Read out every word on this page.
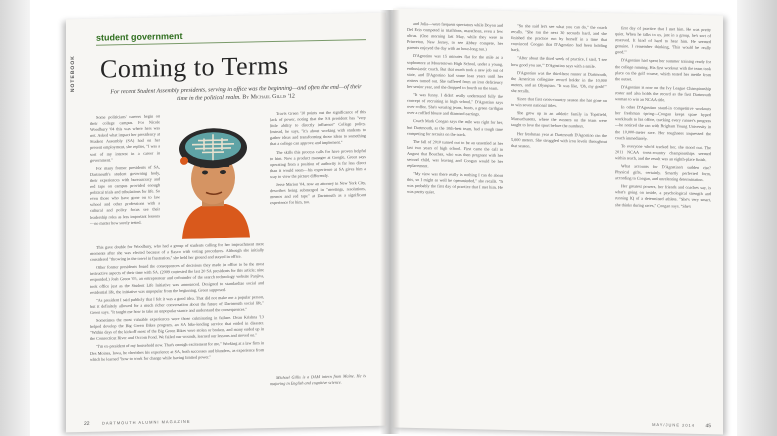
NOTEBOOK
student government
Coming to Terms
For recent Student Assembly presidents, serving in office was the beginning—and often the end—of their time in the political realm. By Michael Gillis '12

Some politicians' careers begin on their college campus. For Nicole Woodbury '04 this was where hers was not. Asked what impact her presidency at Student Assembly (SA) had on her present employment, she replies, "I was a sort of my interest in a career in government."

For many former presidents of SA, Dartmouth's student governing body, their experiences with bureaucracy and red tape on campus provided enough political trials and tribulations for life. So even those who have gone on to law school and other professions with a cultural and policy focus see their leadership roles as less important lessons—no matter how sorely tested.

Travis Green '10 points out the significance of this lack of power, noting that the SA president has "very little ability to directly influence" College policy. Instead, he says, "it's about working with students to gather ideas and transforming those ideas to something that a college can approve and implement."

The skills this process calls for have proven helpful to him. Now a product manager at Google, Green says operating from a position of authority is far less direct than it would seem—his experience at SA gives him a way to view the picture differently.

Jesse Marion '04, now an attorney in New York City, describes being submerged in "meetings, resolutions, memos and red tape" at Dartmouth as a significant experience for him, too.

This gave double for Woodbury, who had a group of students calling for her impeachment mere moments after she was elected because of a fiasco with voting procedures. Although she initially considered "throwing in the towel in frustration," she held her ground and stayed in office.

Other former presidents found the consequences of decisions they made in office to be the most instructive aspects of their time with SA. (2009 contested the last 20 SA presidents for this article; nine responded.) Josh Green '05, an entrepreneur and cofounder of the search technology website Panjiva, took office just as the Student Life Initiative was announced. Designed to standardize social and residential life, the initiative was unpopular from the beginning, Green supposed.

"As president I said publicly that I felt it was a good idea. That did not make me a popular person, but it definitely allowed for a much richer conversation about the future of Dartmouth social life," Green says. "It taught me how to take an unpopular stance and understand the consequences."

Sometimes the most valuable experiences were those culminating in failure. Dean Krishna '13 helped develop the Big Green Bikes program, an SA bike-lending service that ended in disaster. "Within days of the kickoff most of the Big Green Bikes were stolen or broken, and many ended up in the Connecticut River and Occom Pond. We failed our wounds, learned our lessons and moved on."

"I'm ex-president of my household now. That's enough excitement for me," Working at a law firm in Des Moines, Iowa, he cherishes his experience at SA, both successes and blunders, as experience from which he learned "how to work for change while having limited power."

Michael Gillis is a DAM intern from Maine. He is majoring in English and cognitive science.

22	DARTMOUTH ALUMNI MAGAZINE

and Julia—were frequent spectators while Doyon and Del Erio competed in triathlons, marathons, even a few ultras. (One morning last May, while they were in Princeton, New Jersey, to see Abbey compete, her parents enjoyed the day with an hour-long run.)

D'Agostino was 15 minutes flat for the mile as a sophomore at Moorestown High School, under a young, enthusiastic coach. But that much took a new job out of state, and D'Agostino had some lean years until her rosters turned out. She suffered from an iron deficiency her senior year, and she dropped to fourth on the team.

"It was funny. I didn't really understand fully the concept of recruiting in high school," D'Agostino says over coffee. She's wearing jeans, boots, a green cardigan over a ruffled blouse and diamond earrings.

Coach Mark Coogan says the mile was right for her, but Dartmouth, as the 10th-best team, had a tough time competing for recruits on the track.

The fall of 2010 turned out to be an unsettled as her last two years of high school. First came the call in August that Bouchez, who was then pregnant with her second child, was leaving and Coogan would be her replacement.

"My view was there really is nothing I can do about this, so I might as well be openminded," she recalls. "It was probably the first day of practice that I met him. He was pretty quiet.

"So she said let's see what you can do," the coach recalls. "She ran the next 30 seconds hard, and she finished the practice run by herself in a time that convinced Coogan that D'Agostino had been holding back.

"After about the third week of practice, I said, 'I see how good you are,'" D'Agostino says with a smile.

D'Agostino was the third-best runner at Dartmouth, the American collegiate record holder in the 10,000 meters, and an Olympian. "It was like, 'Oh, my gosh!'" she recalls.

Since that first cross-country season she has gone on to win seven national titles.

She grew up in an athletic family in Topsfield, Massachusetts, where the runners on the team were taught to love the sport before the numbers.

Her freshman year at Dartmouth D'Agostino ran the 5,000 meters. She struggled with iron levels throughout that season.

first day of practice that I met him. He was pretty quiet. When he talks to us, just in a group, he's sort of reserved. It kind of hard to hear him. He seemed genuine. I remember thinking, 'This would be really good.'"

D'Agostino had spent her summer training ready for the college running. His first workout with the team took place on the golf course, which tested her mettle from the outset.

D'Agostino is now on the Ivy League Championship roster and also holds the record as the first Dartmouth woman to win an NCAA title.

In other D'Agostino stand-in competitive workouts her freshman spring—Coogan keeps spare hyped workloads to his office, tracking every runner's progress—he noticed she ran with Brigham Young University in the 10,000-meter race. Her toughness impressed the coach immediately.

To everyone who'd tracked her, she stood out. The 2011 NCAA cross-country championships seemed within reach, and the result was an eighth-place finish.

What accounts for D'Agostino's sudden rise? Physical gifts, certainly. Smartly perfected form, according to Coogan, and unrelenting determination.

Her greatest powers, her friends and coaches say, is what's going on inside, a psychological strength and running IQ of a determined athlete. "She's very smart, she thinks during races," Coogan says. "She's

MAY/JUNE 2014 45
